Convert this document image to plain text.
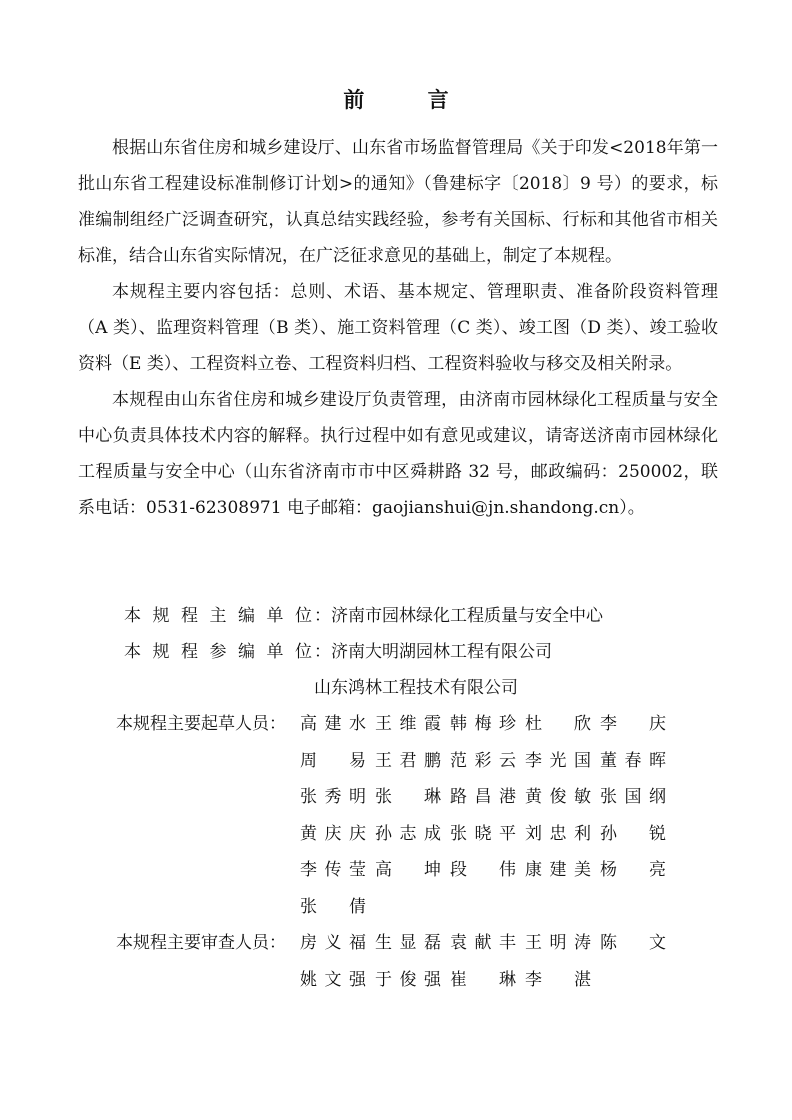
前 言

根据山东省住房和城乡建设厅、山东省市场监督管理局《关于印发<2018年第一批山东省工程建设标准制修订计划>的通知》（鲁建标字〔2018〕9 号）的要求，标准编制组经广泛调查研究，认真总结实践经验，参考有关国标、行标和其他省市相关标准，结合山东省实际情况，在广泛征求意见的基础上，制定了本规程。

本规程主要内容包括：总则、术语、基本规定、管理职责、准备阶段资料管理（A 类）、监理资料管理（B 类）、施工资料管理（C 类）、竣工图（D 类）、竣工验收资料（E 类）、工程资料立卷、工程资料归档、工程资料验收与移交及相关附录。

本规程由山东省住房和城乡建设厅负责管理，由济南市园林绿化工程质量与安全中心负责具体技术内容的解释。执行过程中如有意见或建议，请寄送济南市园林绿化工程质量与安全中心（山东省济南市市中区舜耕路 32 号，邮政编码：250002，联系电话：0531-62308971 电子邮箱：gaojianshui@jn.shandong.cn）。

本 规 程 主 编 单 位 ：济南市园林绿化工程质量与安全中心
本 规 程 参 编 单 位 ：济南大明湖园林工程有限公司
山东鸿林工程技术有限公司
本规程主要起草人员： 高 建 水 王 维 霞 韩 梅 珍 杜 欣 李 庆
周 易 王 君 鹏 范 彩 云 李 光 国 董 春 晖
张 秀 明 张 琳 路 昌 港 黄 俊 敏 张 国 纲
黄 庆 庆 孙 志 成 张 晓 平 刘 忠 利 孙 锐
李 传 莹 高 坤 段 伟 康 建 美 杨 亮
张 倩
本规程主要审查人员： 房 义 福 生 显 磊 袁 献 丰 王 明 涛 陈 文
姚 文 强 于 俊 强 崔 琳 李 湛
